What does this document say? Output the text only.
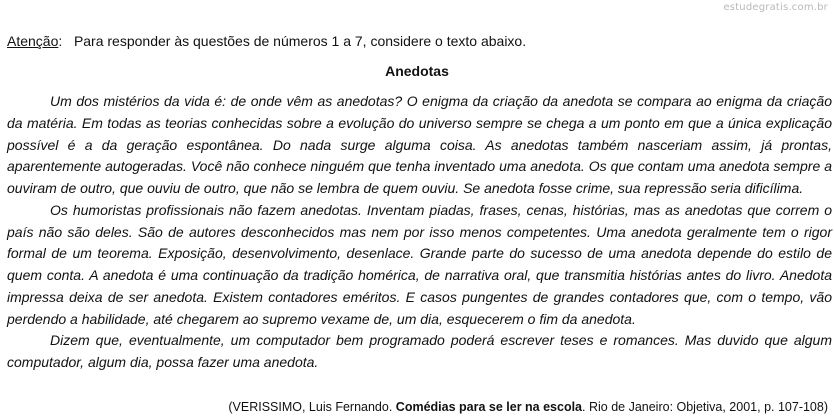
estudegratis.com.br
Atenção: Para responder às questões de números 1 a 7, considere o texto abaixo.
Anedotas

Um dos mistérios da vida é: de onde vêm as anedotas? O enigma da criação da anedota se compara ao enigma da criação da matéria. Em todas as teorias conhecidas sobre a evolução do universo sempre se chega a um ponto em que a única explicação possível é a da geração espontânea. Do nada surge alguma coisa. As anedotas também nasceriam assim, já prontas, aparentemente autogeradas. Você não conhece ninguém que tenha inventado uma anedota. Os que contam uma anedota sempre a ouviram de outro, que ouviu de outro, que não se lembra de quem ouviu. Se anedota fosse crime, sua repressão seria dificílima.

Os humoristas profissionais não fazem anedotas. Inventam piadas, frases, cenas, histórias, mas as anedotas que correm o país não são deles. São de autores desconhecidos mas nem por isso menos competentes. Uma anedota geralmente tem o rigor formal de um teorema. Exposição, desenvolvimento, desenlace. Grande parte do sucesso de uma anedota depende do estilo de quem conta. A anedota é uma continuação da tradição homérica, de narrativa oral, que transmitia histórias antes do livro. Anedota impressa deixa de ser anedota. Existem contadores eméritos. E casos pungentes de grandes contadores que, com o tempo, vão perdendo a habilidade, até chegarem ao supremo vexame de, um dia, esquecerem o fim da anedota.

Dizem que, eventualmente, um computador bem programado poderá escrever teses e romances. Mas duvido que algum computador, algum dia, possa fazer uma anedota.

(VERISSIMO, Luis Fernando. Comédias para se ler na escola. Rio de Janeiro: Objetiva, 2001, p. 107-108)
